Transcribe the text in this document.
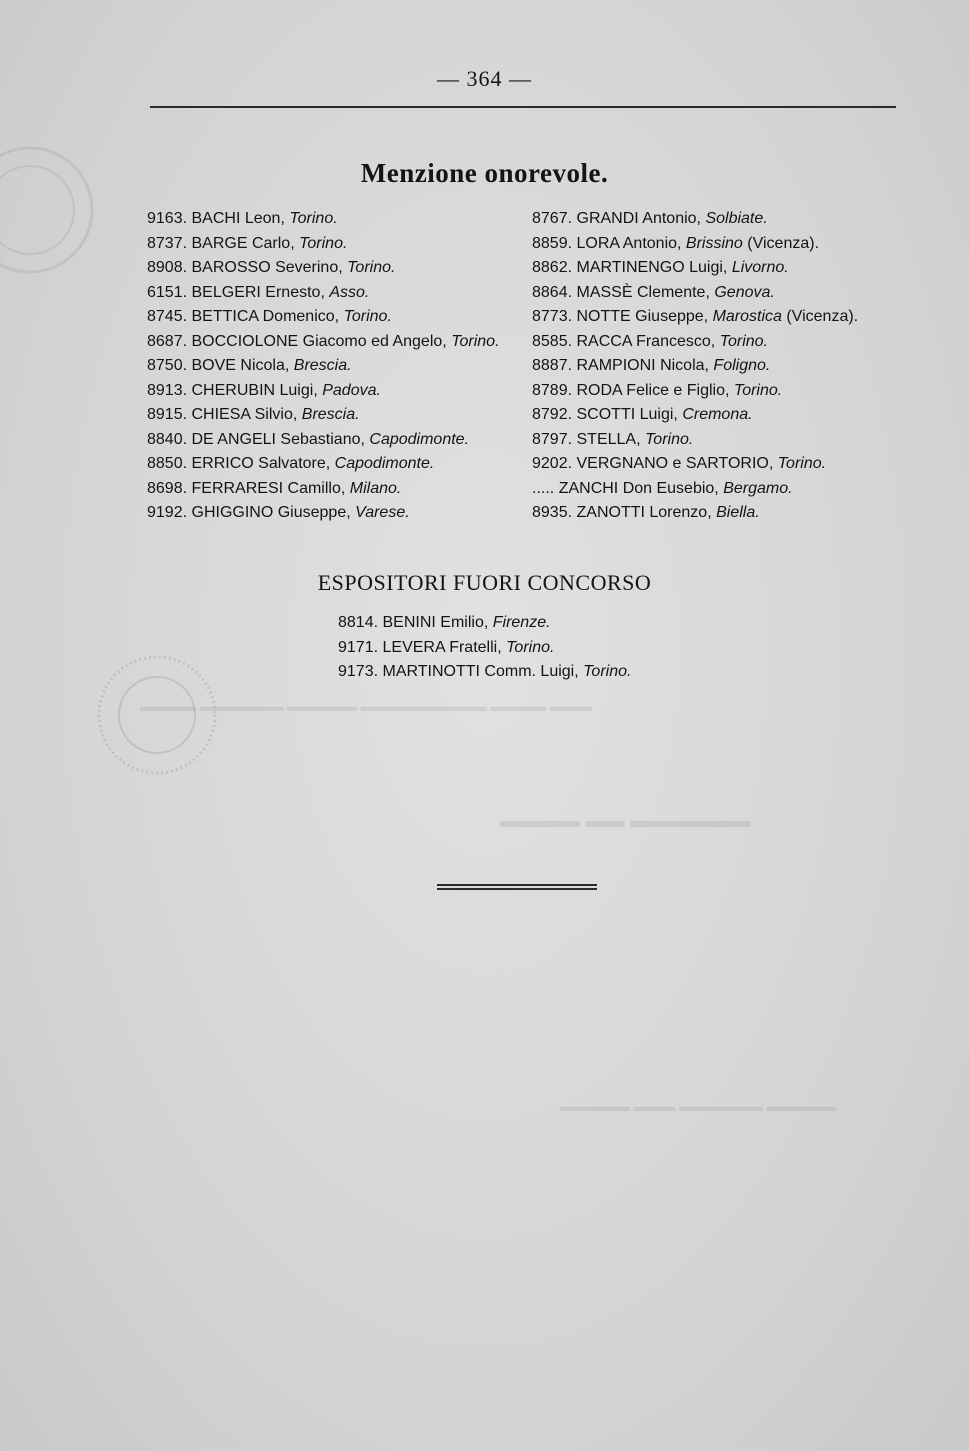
▬▬▬▬ ▬▬ ▬▬▬▬▬▬
▬▬▬▬ ▬▬▬▬▬▬ ▬▬▬▬▬ ▬▬▬▬▬▬▬▬▬ ▬▬▬▬ ▬▬▬
▬▬▬▬▬ ▬▬▬ ▬▬▬▬▬▬ ▬▬▬▬▬
— 364 —
Menzione onorevole.
9163. BACHI Leon, Torino.
8737. BARGE Carlo, Torino.
8908. BAROSSO Severino, Torino.
6151. BELGERI Ernesto, Asso.
8745. BETTICA Domenico, Torino.
8687. BOCCIOLONE Giacomo ed Angelo, Torino.
8750. BOVE Nicola, Brescia.
8913. CHERUBIN Luigi, Padova.
8915. CHIESA Silvio, Brescia.
8840. DE ANGELI Sebastiano, Capodimonte.
8850. ERRICO Salvatore, Capodimonte.
8698. FERRARESI Camillo, Milano.
9192. GHIGGINO Giuseppe, Varese.
8767. GRANDI Antonio, Solbiate.
8859. LORA Antonio, Brissino (Vicenza).
8862. MARTINENGO Luigi, Livorno.
8864. MASSÈ Clemente, Genova.
8773. NOTTE Giuseppe, Marostica (Vicenza).
8585. RACCA Francesco, Torino.
8887. RAMPIONI Nicola, Foligno.
8789. RODA Felice e Figlio, Torino.
8792. SCOTTI Luigi, Cremona.
8797. STELLA, Torino.
9202. VERGNANO e SARTORIO, Torino.
..... ZANCHI Don Eusebio, Bergamo.
8935. ZANOTTI Lorenzo, Biella.
ESPOSITORI FUORI CONCORSO
8814. BENINI Emilio, Firenze.
9171. LEVERA Fratelli, Torino.
9173. MARTINOTTI Comm. Luigi, Torino.
